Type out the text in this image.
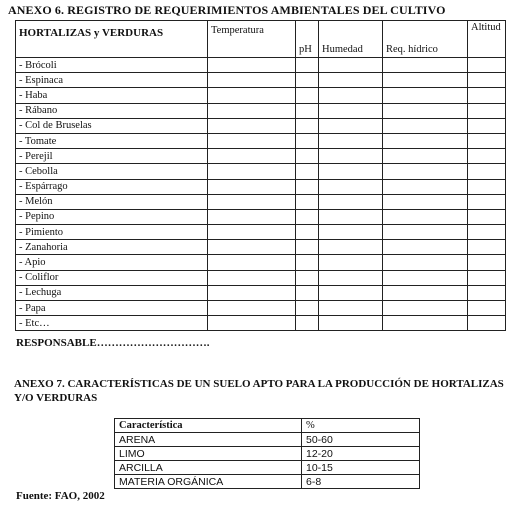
ANEXO 6. REGISTRO DE REQUERIMIENTOS AMBIENTALES DEL CULTIVO
HORTALIZAS y VERDURAS	Temperatura	pH	Humedad	Req. hídrico	Altitud
- Brócoli					
- Espinaca					
- Haba					
- Rábano					
- Col de Bruselas					
- Tomate					
- Perejil					
- Cebolla					
- Espárrago					
- Melón					
- Pepino					
- Pimiento					
- Zanahoria					
- Apio					
- Coliflor					
- Lechuga					
- Papa					
- Etc…					
RESPONSABLE………………………….
ANEXO 7. CARACTERÍSTICAS DE UN SUELO APTO PARA LA PRODUCCIÓN DE HORTALIZAS Y/O VERDURAS
Característica	%
ARENA	50-60
LIMO	12-20
ARCILLA	10-15
MATERIA ORGÁNICA	6-8
Fuente: FAO, 2002
